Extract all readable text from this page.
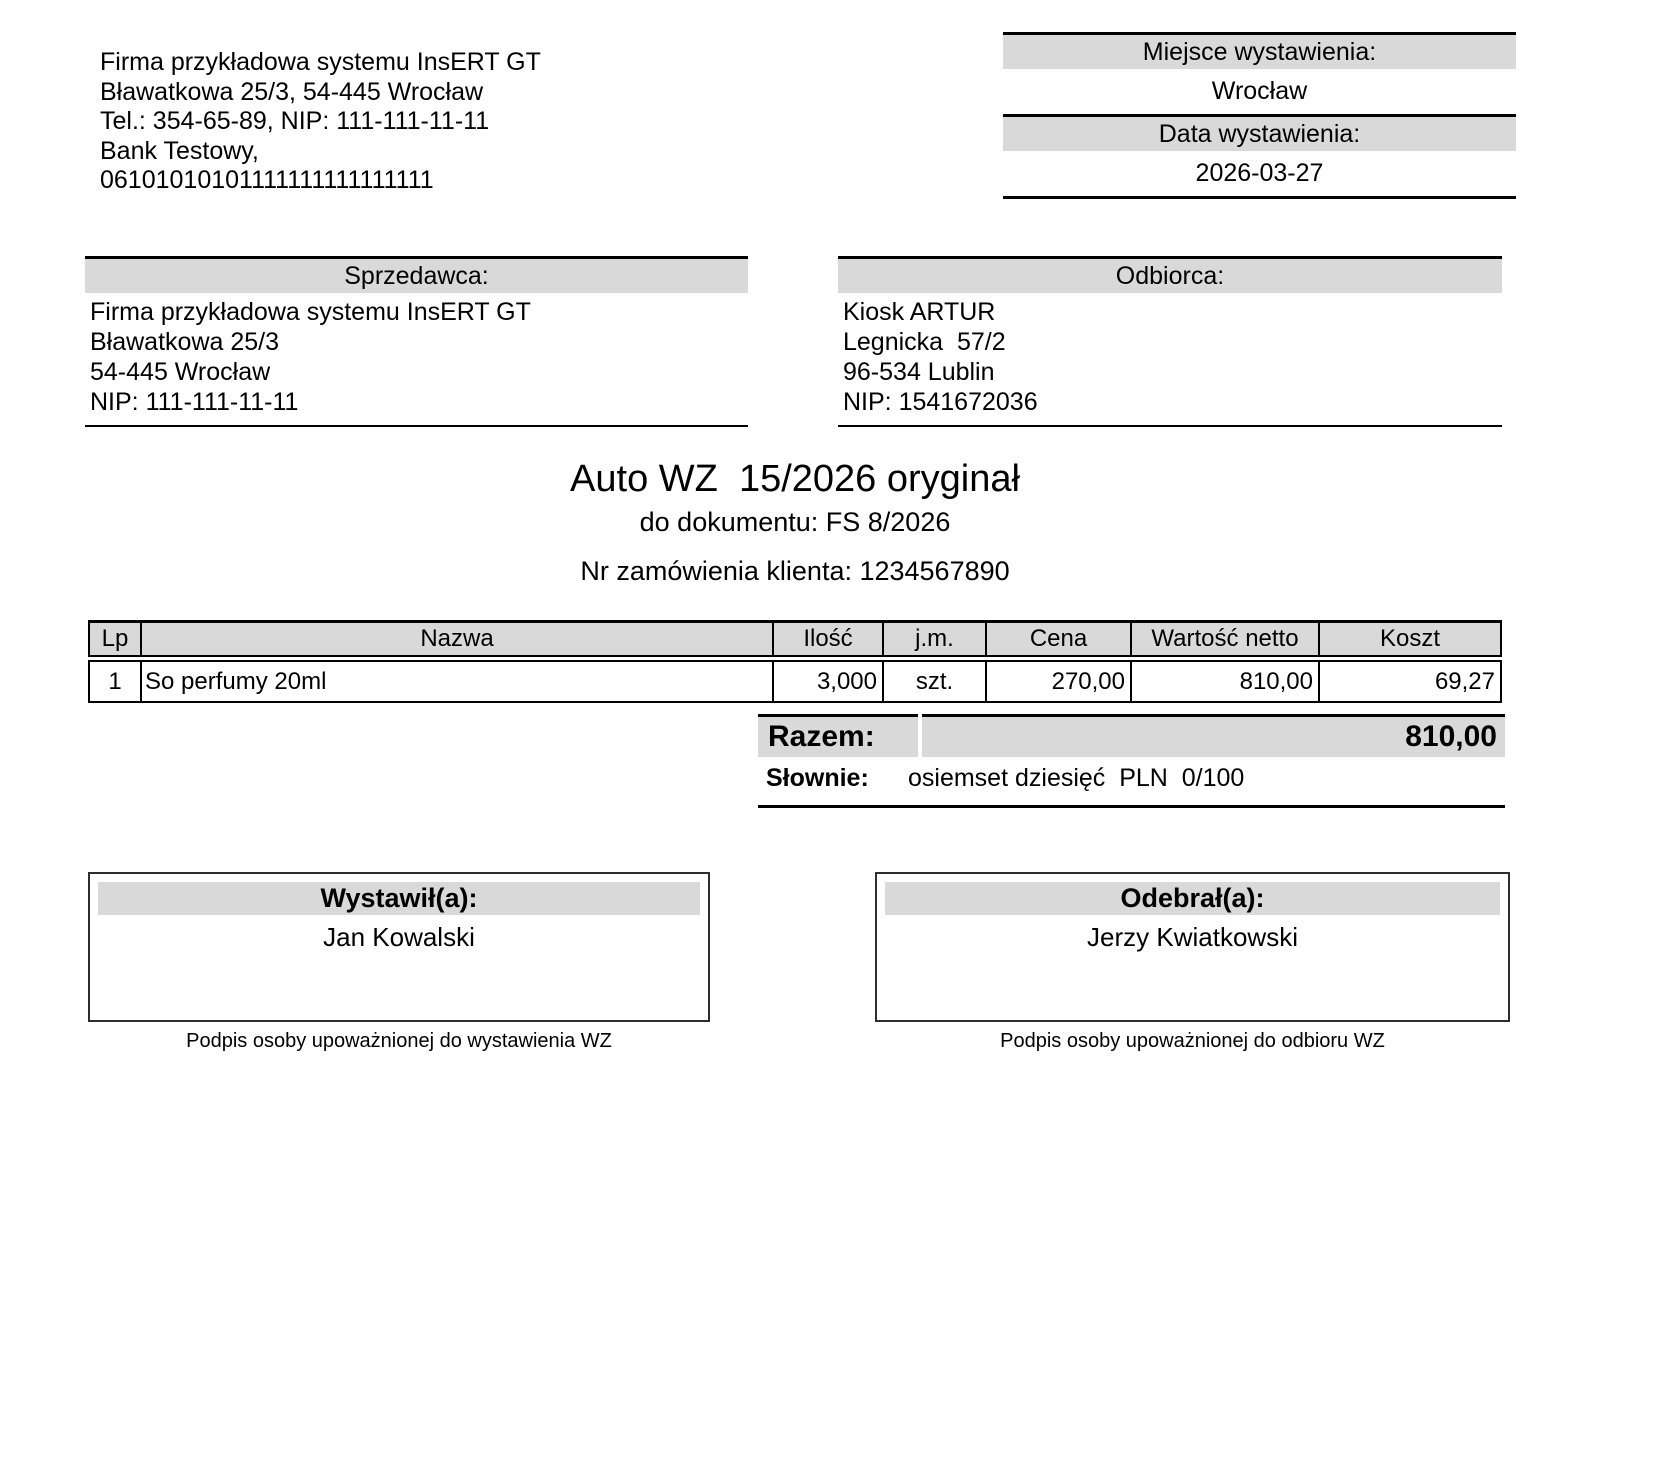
Firma przykładowa systemu InsERT GT
Bławatkowa 25/3, 54-445 Wrocław
Tel.: 354-65-89, NIP: 111-111-11-11
Bank Testowy,
06101010101111111111111111
Miejsce wystawienia:
Wrocław
Data wystawienia:
2026-03-27
Sprzedawca:
Firma przykładowa systemu InsERT GT
Bławatkowa 25/3
54-445 Wrocław
NIP: 111-111-11-11
Odbiorca:
Kiosk ARTUR
Legnicka  57/2
96-534 Lublin
NIP: 1541672036
Auto WZ  15/2026 oryginał
do dokumentu: FS 8/2026
Nr zamówienia klienta: 1234567890
Lp	Nazwa	Ilość	j.m.	Cena	Wartość netto	Koszt
1 So perfumy 20ml	3,000	szt.	270,00	810,00	69,27
Razem:	810,00
Słownie:	osiemset dziesięć  PLN  0/100
Wystawił(a):
Jan Kowalski
Odebrał(a):
Jerzy Kwiatkowski
Podpis osoby upoważnionej do wystawienia WZ	Podpis osoby upoważnionej do odbioru WZ
